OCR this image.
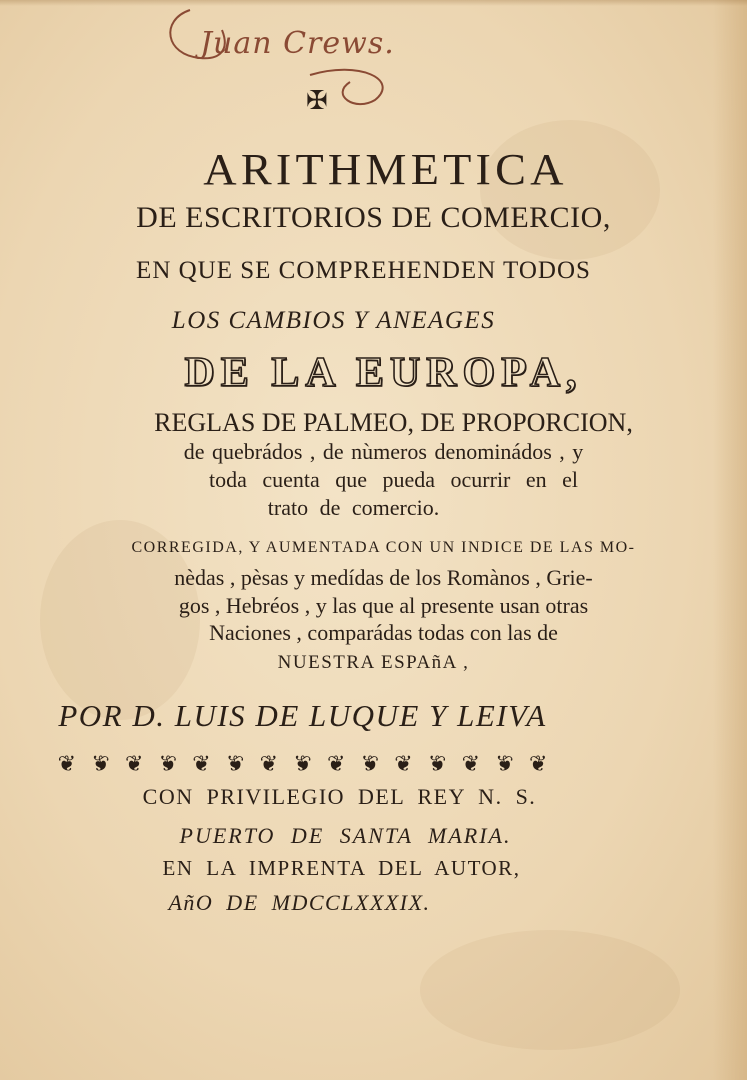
Juan Crews.
✠
ARITHMETICA
DE ESCRITORIOS DE COMERCIO,
EN QUE SE COMPREHENDEN TODOS
LOS CAMBIOS Y ANEAGES
DE LA EUROPA,
REGLAS DE PALMEO, DE PROPORCION,
de quebrádos , de nùmeros denominádos , y
toda cuenta que pueda ocurrir en el
trato de comercio.
CORREGIDA, Y AUMENTADA CON UN INDICE DE LAS MO-
nèdas , pèsas y medídas de los Romànos , Grie-
gos , Hebréos , y las que al presente usan otras
Naciones , comparádas todas con las de
NUESTRA ESPAñA ,
POR D. LUIS DE LUQUE Y LEIVA
❦ ❦ ❦ ❦ ❦ ❦ ❦ ❦ ❦ ❦ ❦ ❦ ❦ ❦ ❦
CON PRIVILEGIO DEL REY N. S.
PUERTO DE SANTA MARIA.
EN LA IMPRENTA DEL AUTOR,
AñO DE MDCCLXXXIX.
